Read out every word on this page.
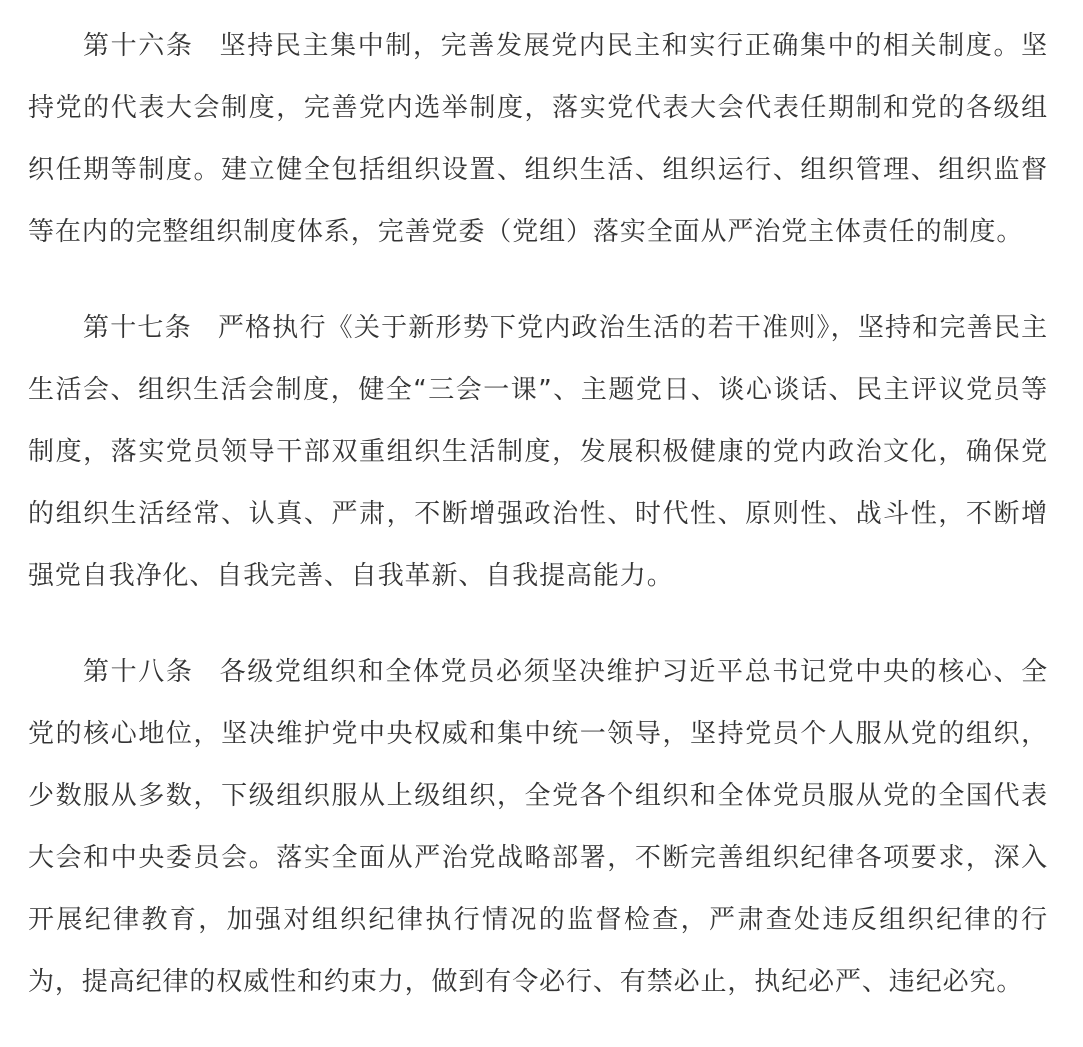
第十六条 坚持民主集中制，完善发展党内民主和实行正确集中的相关制度。坚持党的代表大会制度，完善党内选举制度，落实党代表大会代表任期制和党的各级组织任期等制度。建立健全包括组织设置、组织生活、组织运行、组织管理、组织监督等在内的完整组织制度体系，完善党委（党组）落实全面从严治党主体责任的制度。

第十七条 严格执行《关于新形势下党内政治生活的若干准则》，坚持和完善民主生活会、组织生活会制度，健全“三会一课”、主题党日、谈心谈话、民主评议党员等制度，落实党员领导干部双重组织生活制度，发展积极健康的党内政治文化，确保党的组织生活经常、认真、严肃，不断增强政治性、时代性、原则性、战斗性，不断增强党自我净化、自我完善、自我革新、自我提高能力。

第十八条 各级党组织和全体党员必须坚决维护习近平总书记党中央的核心、全党的核心地位，坚决维护党中央权威和集中统一领导，坚持党员个人服从党的组织，少数服从多数，下级组织服从上级组织，全党各个组织和全体党员服从党的全国代表大会和中央委员会。落实全面从严治党战略部署，不断完善组织纪律各项要求，深入开展纪律教育，加强对组织纪律执行情况的监督检查，严肃查处违反组织纪律的行为，提高纪律的权威性和约束力，做到有令必行、有禁必止，执纪必严、违纪必究。
